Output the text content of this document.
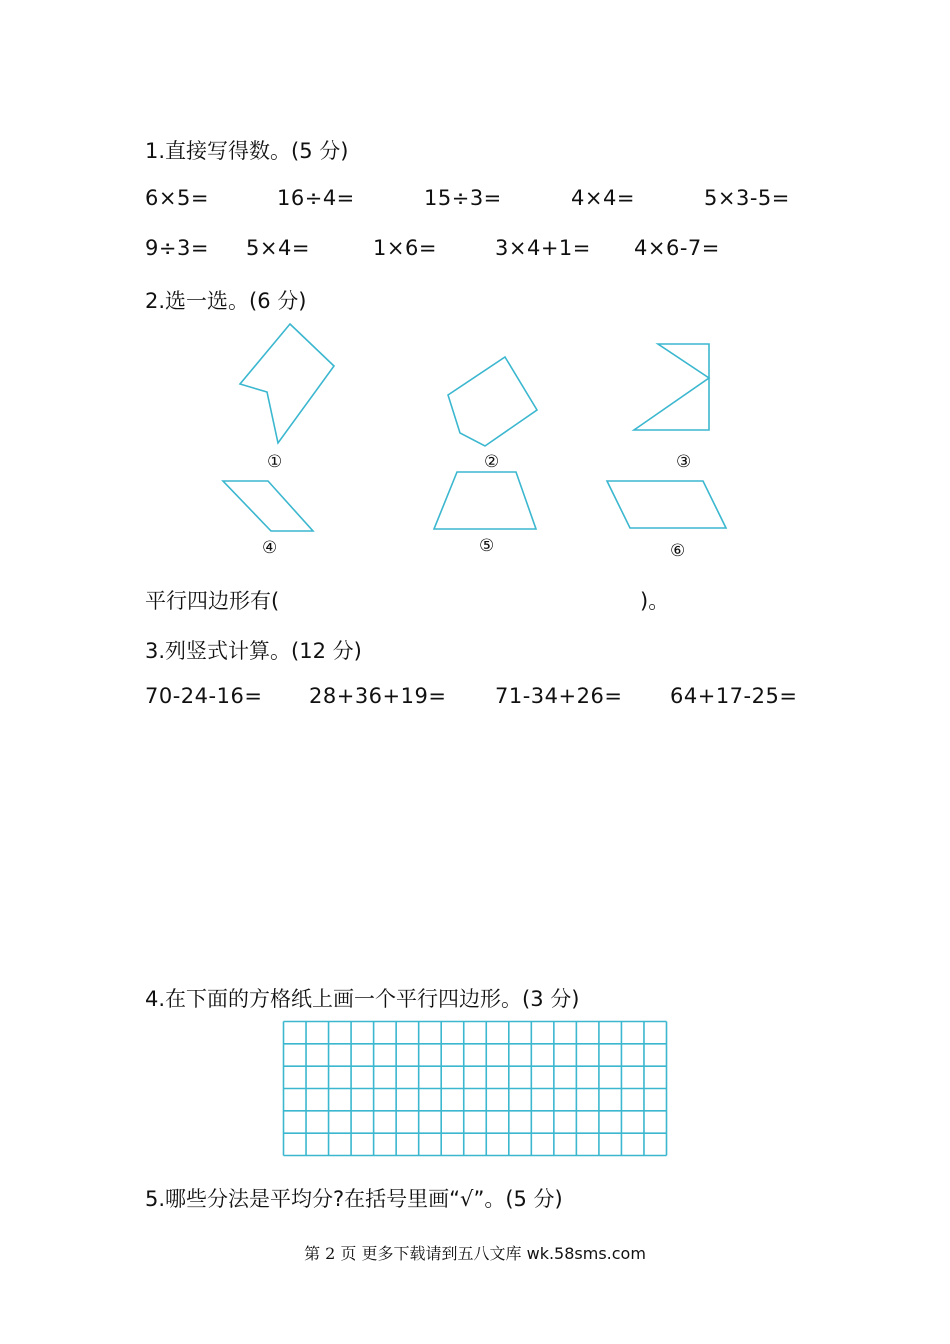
1.直接写得数。(5 分)
6×5=	16÷4=	15÷3=	4×4=	5×3-5=
9÷3= 5×4=	1×6=	3×4+1= 4×6-7=
2.选一选。(6 分)
①	②	③
④	⑤	⑥
平行四边形有(	)。
3.列竖式计算。(12 分)
70-24-16= 28+36+19= 71-34+26= 64+17-25=
4.在下面的方格纸上画一个平行四边形。(3 分)
5.哪些分法是平均分?在括号里画“√”。(5 分)
第 2 页 更多下载请到五八文库 wk.58sms.com
